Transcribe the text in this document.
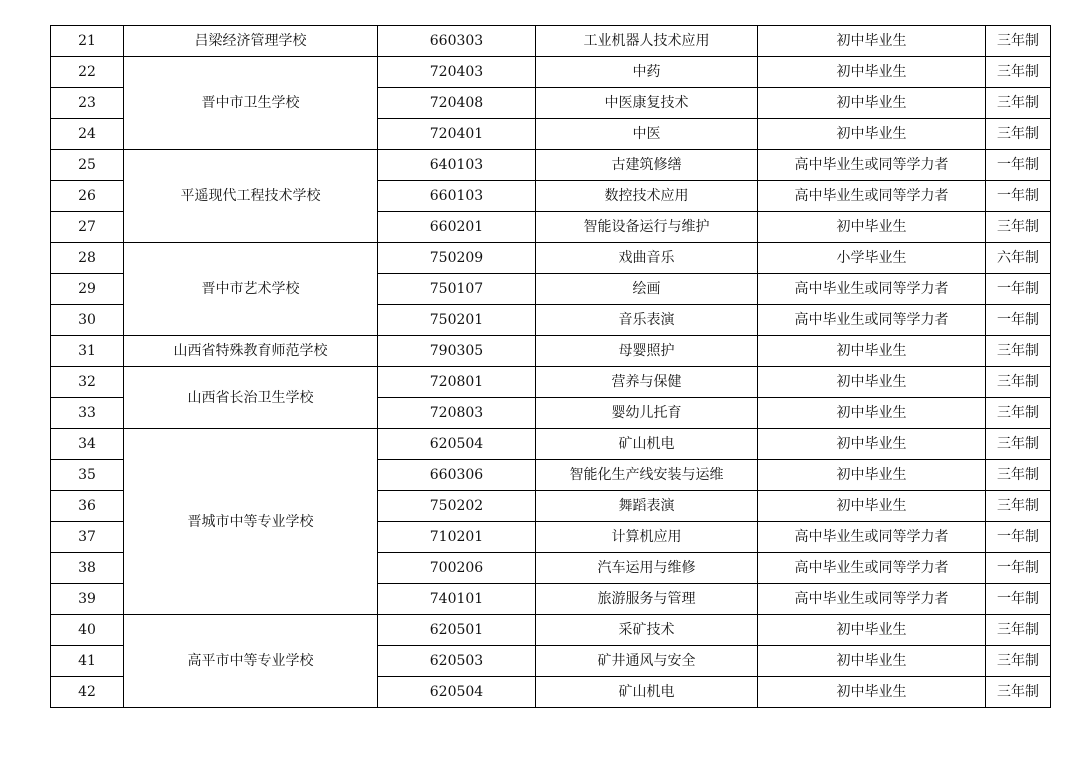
21	吕梁经济管理学校	660303	工业机器人技术应用	初中毕业生	三年制
22	晋中市卫生学校	720403	中药	初中毕业生	三年制
23		720408	中医康复技术	初中毕业生	三年制
24		720401	中医	初中毕业生	三年制
25	平遥现代工程技术学校	640103	古建筑修缮	高中毕业生或同等学力者	一年制
26		660103	数控技术应用	高中毕业生或同等学力者	一年制
27		660201	智能设备运行与维护	初中毕业生	三年制
28	晋中市艺术学校	750209	戏曲音乐	小学毕业生	六年制
29		750107	绘画	高中毕业生或同等学力者	一年制
30		750201	音乐表演	高中毕业生或同等学力者	一年制
31	山西省特殊教育师范学校	790305	母婴照护	初中毕业生	三年制
32	山西省长治卫生学校	720801	营养与保健	初中毕业生	三年制
33		720803	婴幼儿托育	初中毕业生	三年制
34	晋城市中等专业学校	620504	矿山机电	初中毕业生	三年制
35		660306	智能化生产线安装与运维	初中毕业生	三年制
36		750202	舞蹈表演	初中毕业生	三年制
37		710201	计算机应用	高中毕业生或同等学力者	一年制
38		700206	汽车运用与维修	高中毕业生或同等学力者	一年制
39		740101	旅游服务与管理	高中毕业生或同等学力者	一年制
40	高平市中等专业学校	620501	采矿技术	初中毕业生	三年制
41		620503	矿井通风与安全	初中毕业生	三年制
42		620504	矿山机电	初中毕业生	三年制
